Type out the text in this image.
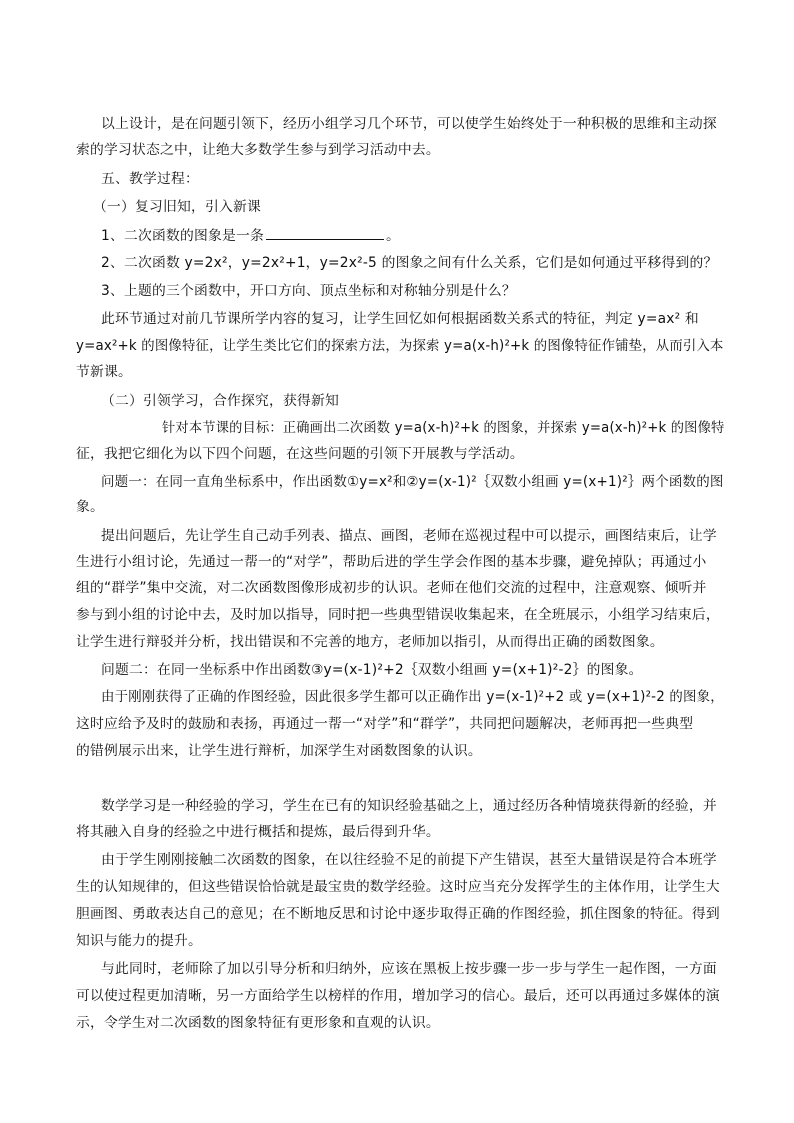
以上设计，是在问题引领下，经历小组学习几个环节，可以使学生始终处于一种积极的思维和主动探
索的学习状态之中，让绝大多数学生参与到学习活动中去。
五、教学过程：
（一）复习旧知，引入新课
1、二次函数的图象是一条	。
2、二次函数 y=2x²，y=2x²+1，y=2x²-5 的图象之间有什么关系，它们是如何通过平移得到的？
3、上题的三个函数中，开口方向、顶点坐标和对称轴分别是什么？
此环节通过对前几节课所学内容的复习，让学生回忆如何根据函数关系式的特征，判定 y=ax² 和
y=ax²+k 的图像特征，让学生类比它们的探索方法，为探索 y=a(x-h)²+k 的图像特征作铺垫，从而引入本
节新课。
（二）引领学习，合作探究，获得新知
针对本节课的目标：正确画出二次函数 y=a(x-h)²+k 的图象，并探索 y=a(x-h)²+k 的图像特
征，我把它细化为以下四个问题，在这些问题的引领下开展教与学活动。
问题一：在同一直角坐标系中，作出函数①y=x²和②y=(x-1)²｛双数小组画 y=(x+1)²｝两个函数的图
象。
提出问题后，先让学生自己动手列表、描点、画图，老师在巡视过程中可以提示，画图结束后，让学
生进行小组讨论，先通过一帮一的“对学”，帮助后进的学生学会作图的基本步骤，避免掉队；再通过小
组的“群学”集中交流，对二次函数图像形成初步的认识。老师在他们交流的过程中，注意观察、倾听并
参与到小组的讨论中去，及时加以指导，同时把一些典型错误收集起来，在全班展示，小组学习结束后，
让学生进行辩驳并分析，找出错误和不完善的地方，老师加以指引，从而得出正确的函数图象。
问题二：在同一坐标系中作出函数③y=(x-1)²+2｛双数小组画 y=(x+1)²-2｝的图象。
由于刚刚获得了正确的作图经验，因此很多学生都可以正确作出 y=(x-1)²+2 或 y=(x+1)²-2 的图象，
这时应给予及时的鼓励和表扬，再通过一帮一“对学”和“群学”，共同把问题解决，老师再把一些典型
的错例展示出来，让学生进行辩析，加深学生对函数图象的认识。
数学学习是一种经验的学习，学生在已有的知识经验基础之上，通过经历各种情境获得新的经验，并
将其融入自身的经验之中进行概括和提炼，最后得到升华。
由于学生刚刚接触二次函数的图象，在以往经验不足的前提下产生错误，甚至大量错误是符合本班学
生的认知规律的，但这些错误恰恰就是最宝贵的数学经验。这时应当充分发挥学生的主体作用，让学生大
胆画图、勇敢表达自己的意见；在不断地反思和讨论中逐步取得正确的作图经验，抓住图象的特征。得到
知识与能力的提升。
与此同时，老师除了加以引导分析和归纳外，应该在黑板上按步骤一步一步与学生一起作图，一方面
可以使过程更加清晰，另一方面给学生以榜样的作用，增加学习的信心。最后，还可以再通过多媒体的演
示，令学生对二次函数的图象特征有更形象和直观的认识。
